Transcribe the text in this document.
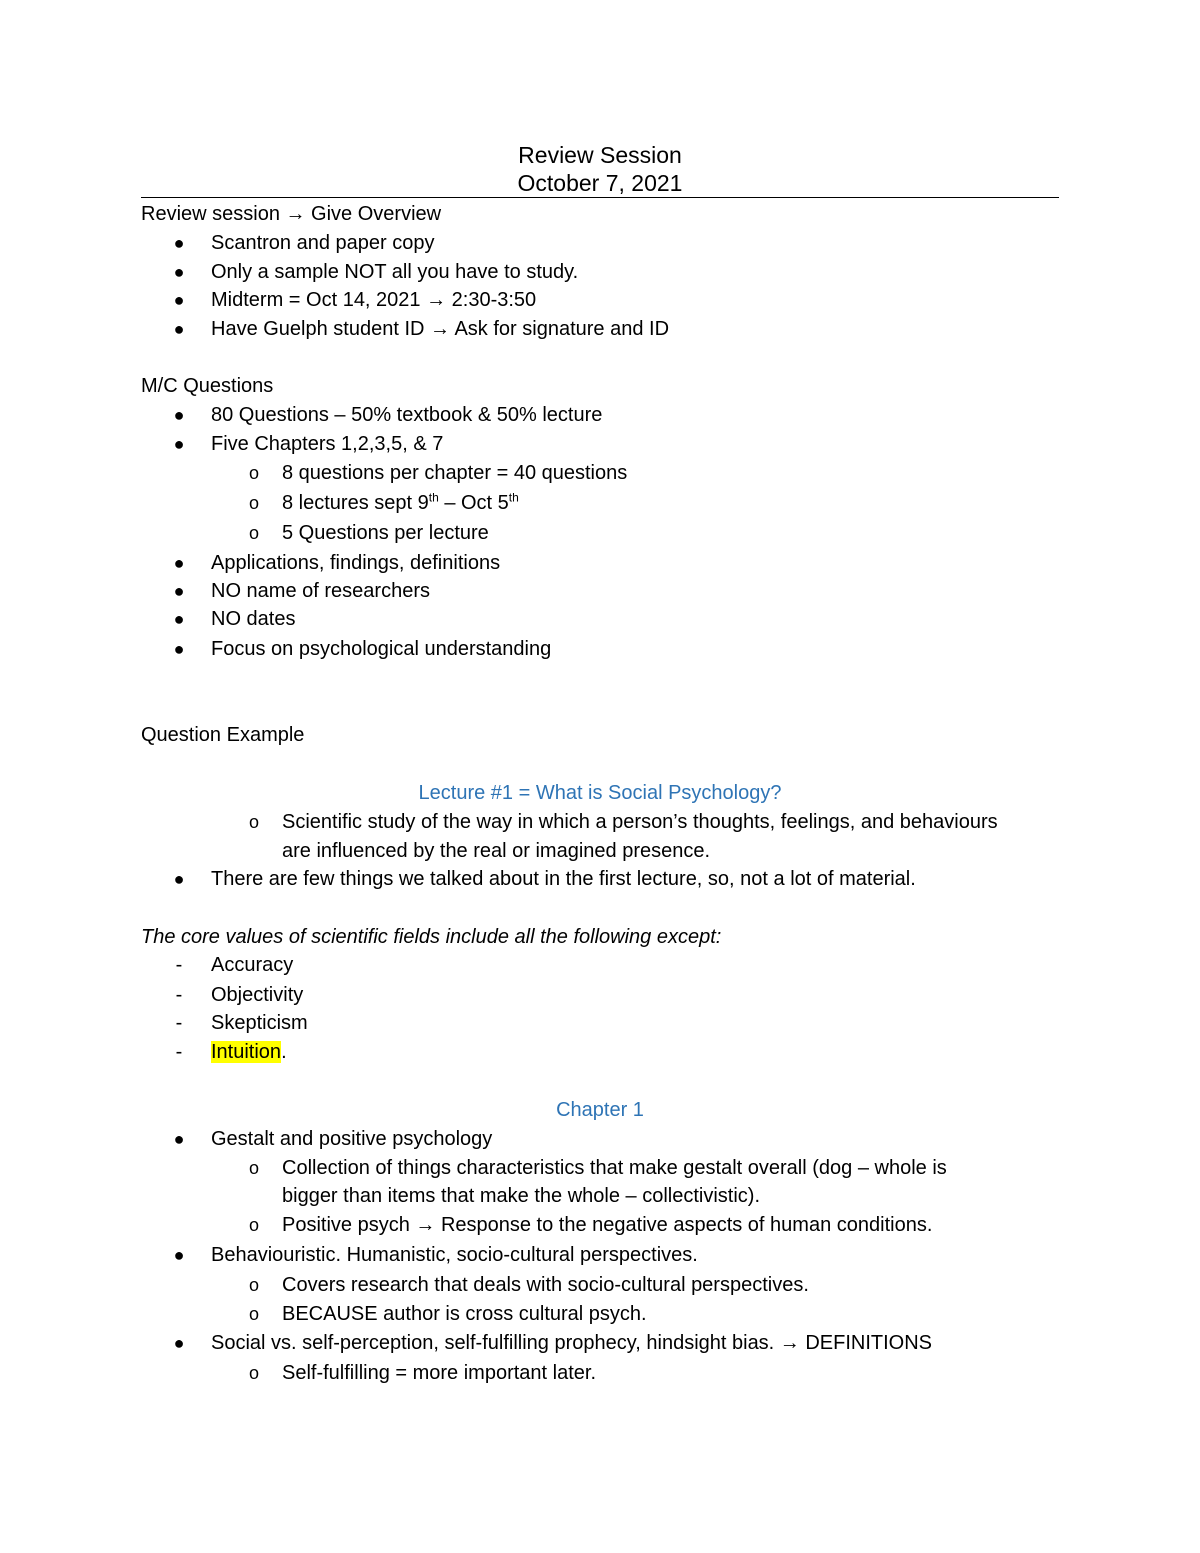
Review Session
October 7, 2021
Review session → Give Overview
● Scantron and paper copy
● Only a sample NOT all you have to study.
● Midterm = Oct 14, 2021 → 2:30-3:50
● Have Guelph student ID → Ask for signature and ID
M/C Questions
● 80 Questions – 50% textbook & 50% lecture
● Five Chapters 1,2,3,5, & 7
o 8 questions per chapter = 40 questions
o 8 lectures sept 9th – Oct 5th
o 5 Questions per lecture
● Applications, findings, definitions
● NO name of researchers
● NO dates
● Focus on psychological understanding
Question Example
Lecture #1 = What is Social Psychology?
o Scientific study of the way in which a person’s thoughts, feelings, and behaviours
are influenced by the real or imagined presence.
● There are few things we talked about in the first lecture, so, not a lot of material.
The core values of scientific fields include all the following except:
- Accuracy
- Objectivity
- Skepticism
- Intuition.
Chapter 1
● Gestalt and positive psychology
o Collection of things characteristics that make gestalt overall (dog – whole is
bigger than items that make the whole – collectivistic).
o Positive psych → Response to the negative aspects of human conditions.
● Behaviouristic. Humanistic, socio-cultural perspectives.
o Covers research that deals with socio-cultural perspectives.
o BECAUSE author is cross cultural psych.
● Social vs. self-perception, self-fulfilling prophecy, hindsight bias. → DEFINITIONS
o Self-fulfilling = more important later.
